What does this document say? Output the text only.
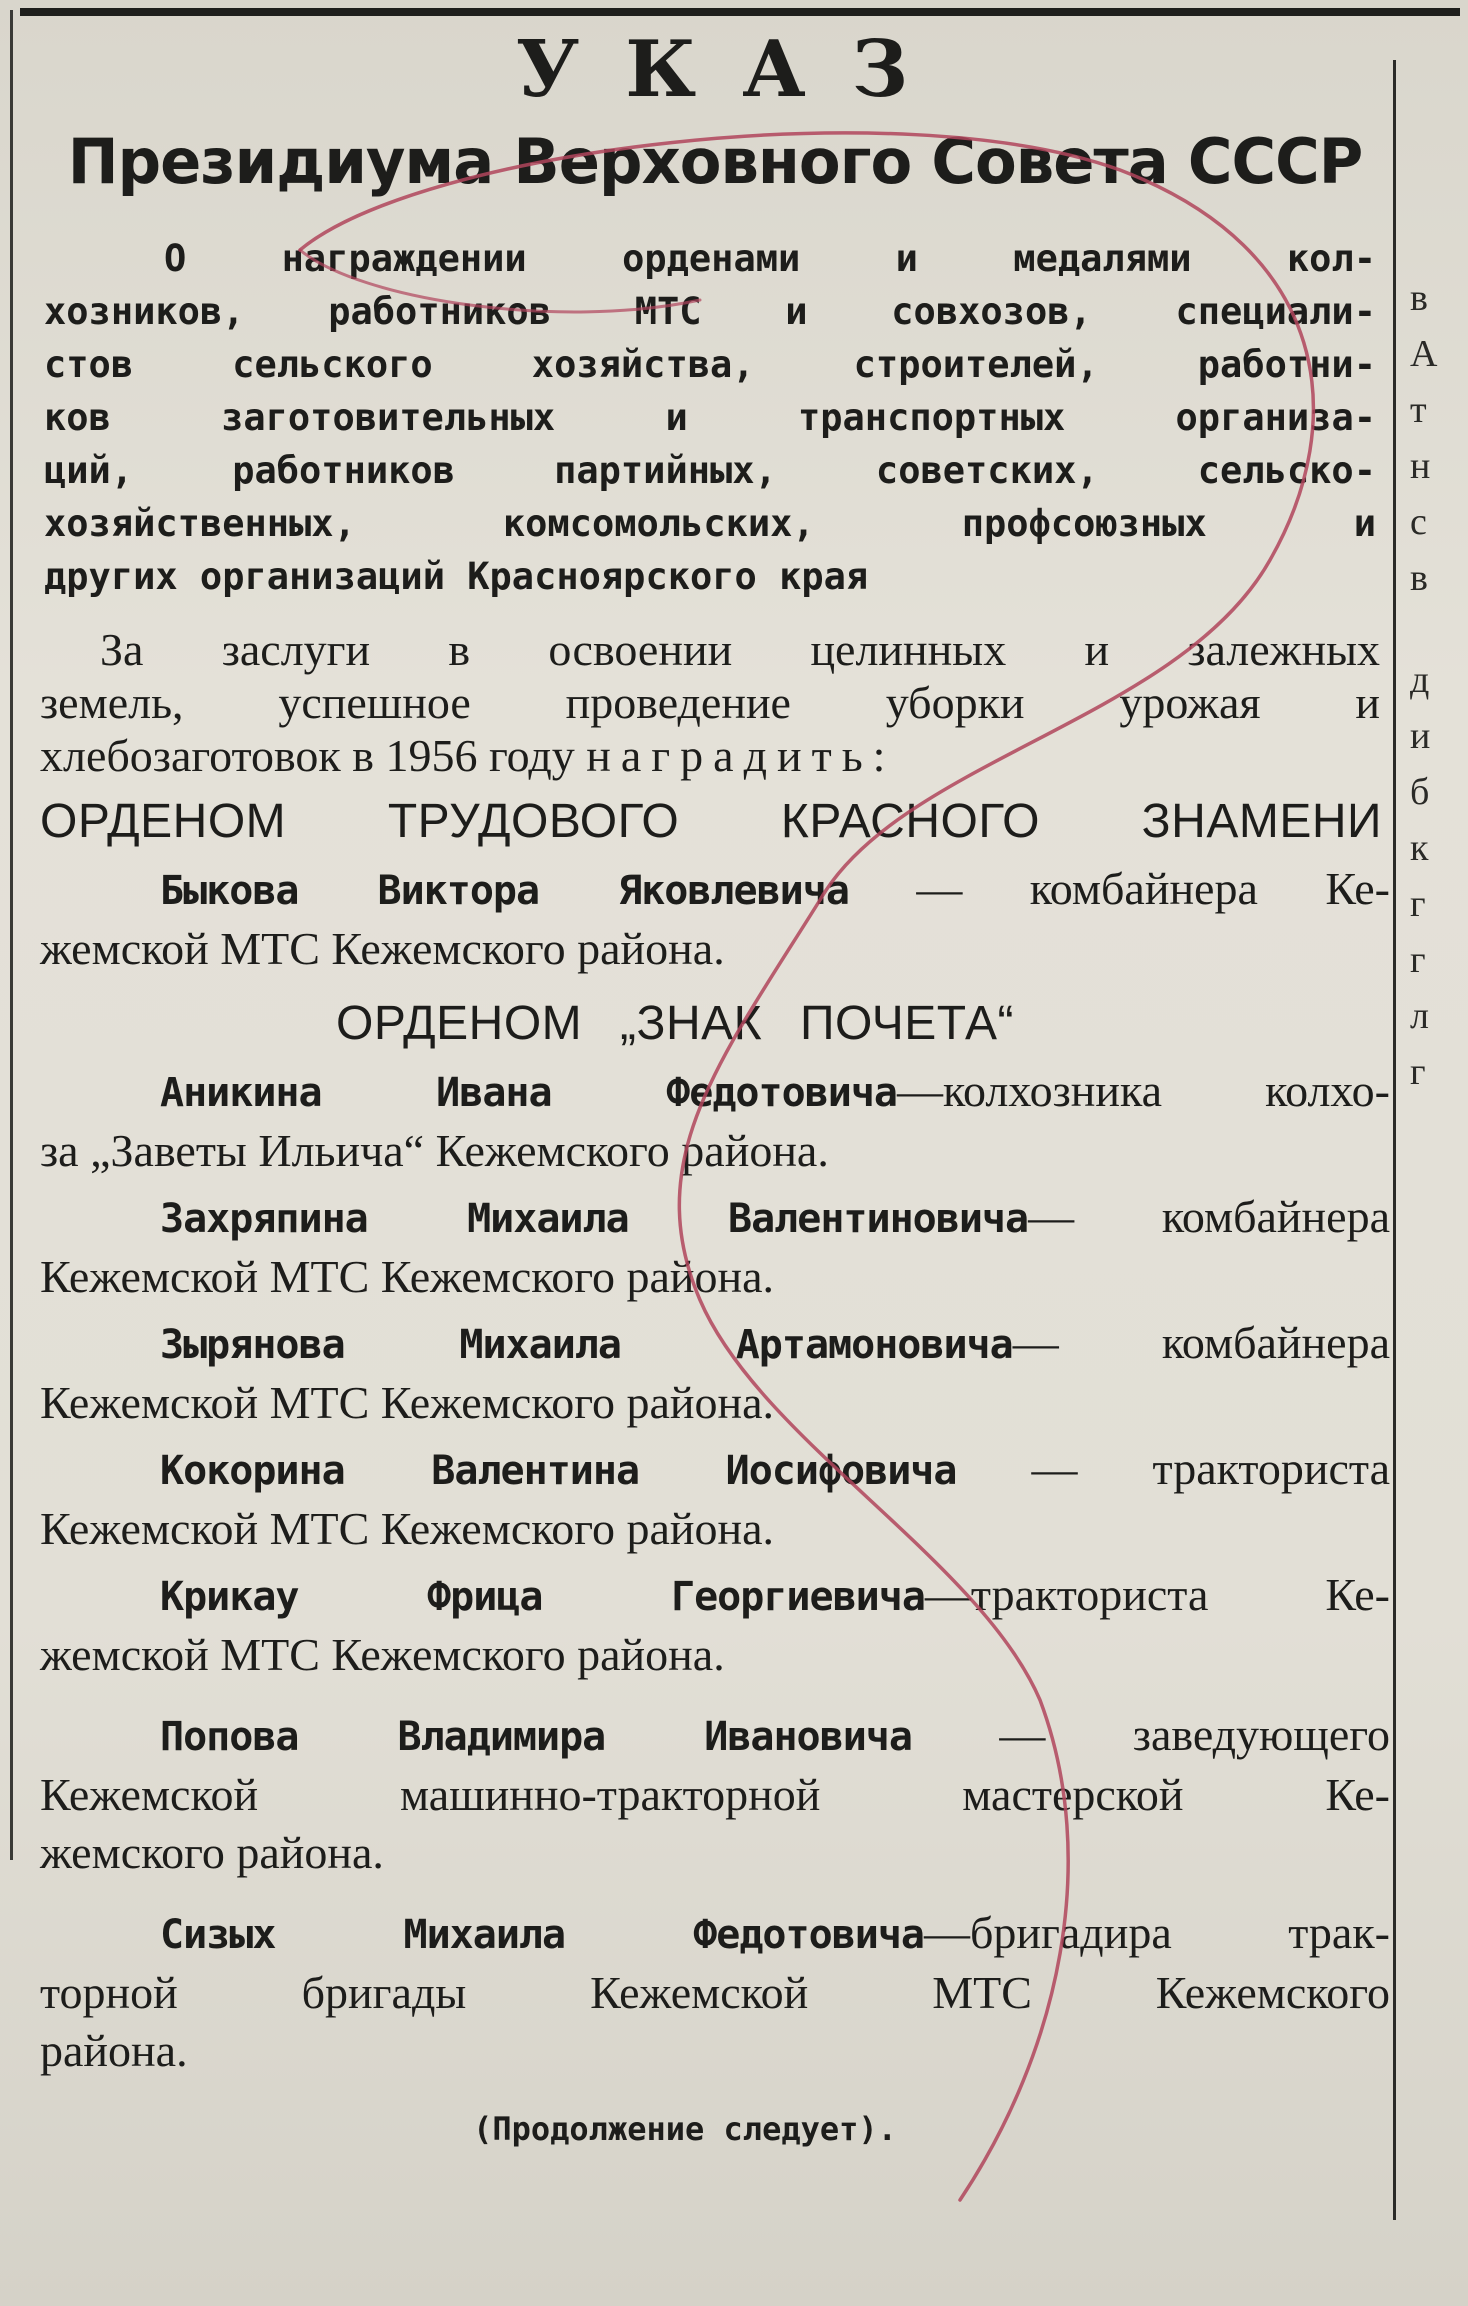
в
А
т
н
с
в
д
и
б
к
г
г
л
г
УКАЗ
Президиума Верховного Совета СССР
О награждении орденами и медалями кол-
хозников, работников МТС и совхозов, специали-
стов сельского хозяйства, строителей, работни-
ков заготовительных и транспортных организа-
ций, работников партийных, советских, сельско-
хозяйственных, комсомольских, профсоюзных и
других организаций Красноярского края
За заслуги в освоении целинных и залежных
земель, успешное проведение уборки урожая и
хлебозаготовок в 1956 году наградить:
ОРДЕНОМ ТРУДОВОГО КРАСНОГО ЗНАМЕНИ
Быкова Виктора Яковлевича — комбайнера Ке-
жемской МТС Кежемского района.
ОРДЕНОМ „ЗНАК ПОЧЕТА“
Аникина Ивана Федотовича—колхозника колхо-
за „Заветы Ильича“ Кежемского района.
Захряпина Михаила Валентиновича— комбайнера
Кежемской МТС Кежемского района.
Зырянова Михаила Артамоновича— комбайнера
Кежемской МТС Кежемского района.
Кокорина Валентина Иосифовича — тракториста
Кежемской МТС Кежемского района.
Крикау Фрица Георгиевича—тракториста Ке-
жемской МТС Кежемского района.
Попова Владимира Ивановича — заведующего
Кежемской машинно-тракторной мастерской Ке-
жемского района.
Сизых Михаила Федотовича—бригадира трак-
торной бригады Кежемской МТС Кежемского
района.
(Продолжение следует).
